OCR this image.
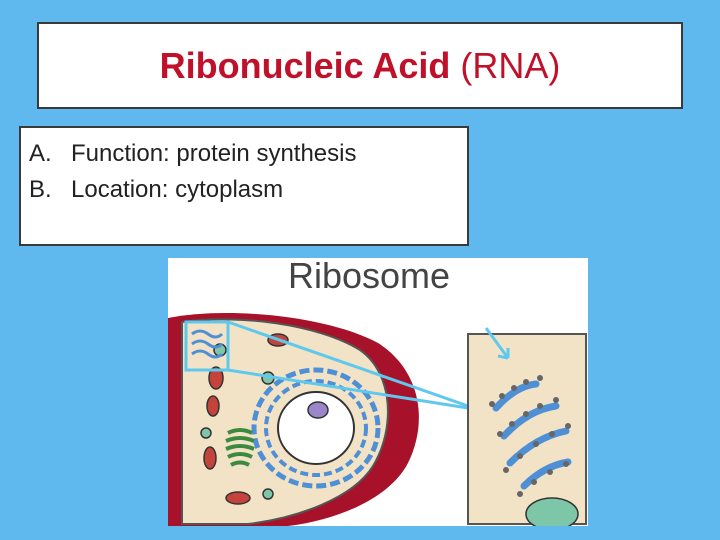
Ribonucleic Acid (RNA)
A. Function: protein synthesis
B. Location: cytoplasm
Ribosome
